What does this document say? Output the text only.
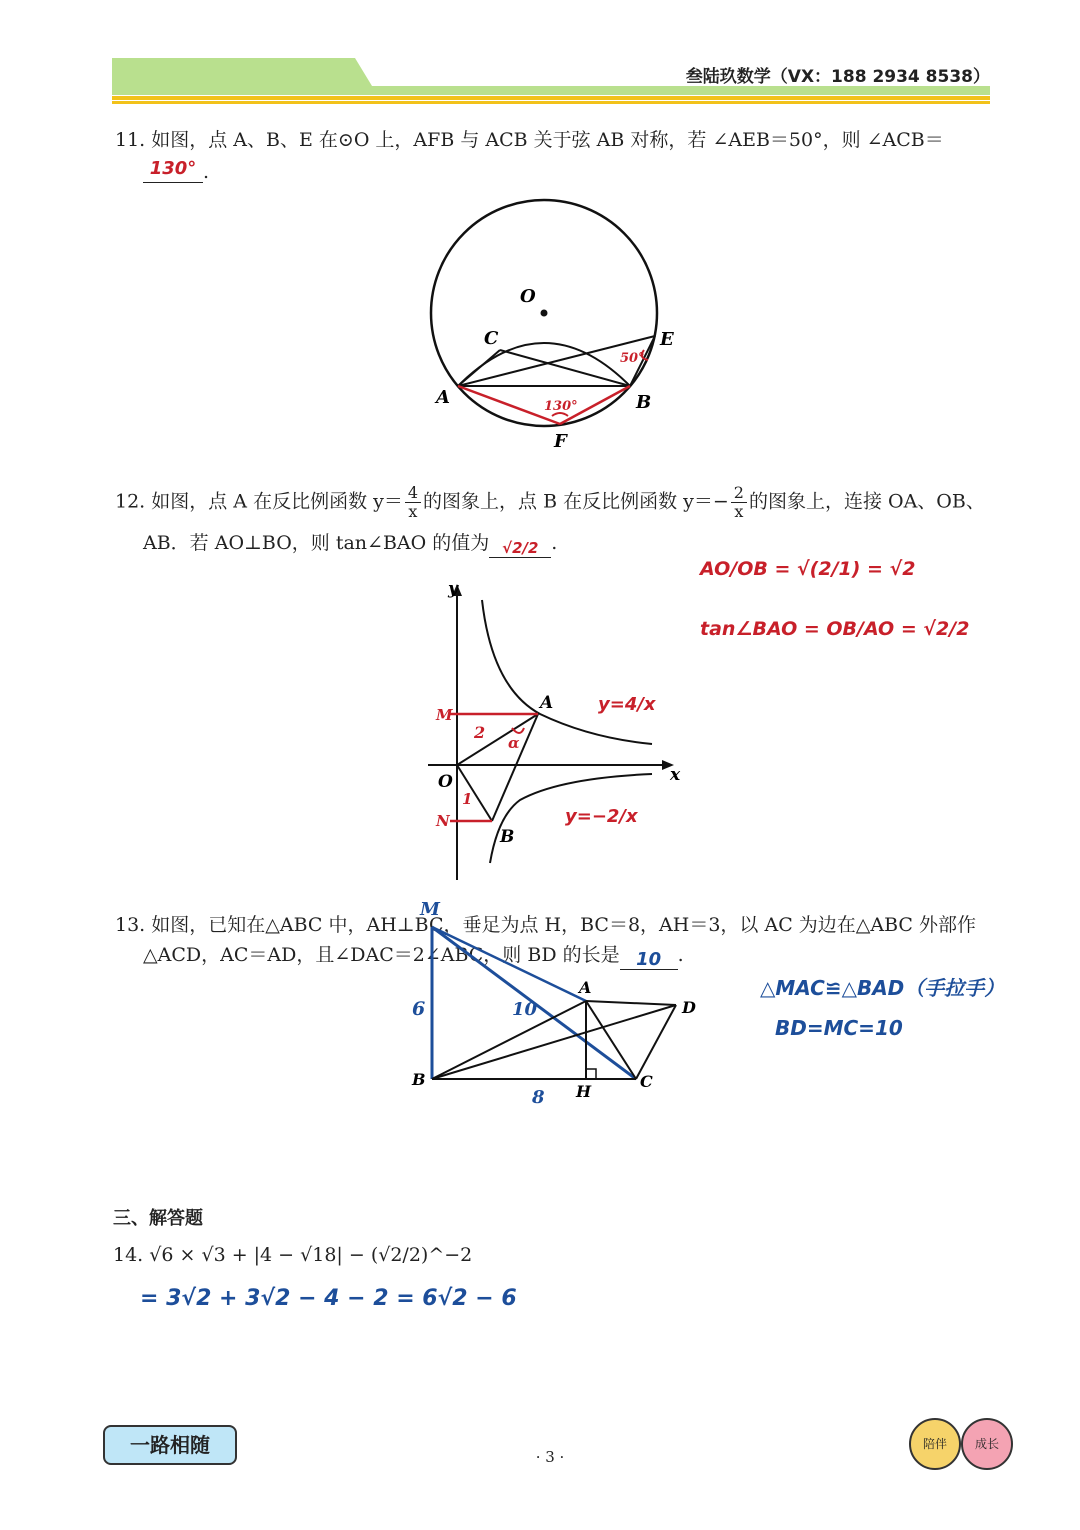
叁陆玖数学（VX：188 2934 8538）
11. 如图，点 A、B、E 在⊙O 上，AFB 与 ACB 关于弦 AB 对称，若 ∠AEB＝50°，则 ∠ACB＝
130° .
O
C	E
A	B
F
50°
130°
12. 如图，点 A 在反比例函数 $y= \frac{4}{x}$ 的图象上，点 B 在反比例函数 $y=- \frac{2}{x}$ 的图象上，连接 OA、OB、
AB．若 AO⊥BO，则 tan∠BAO 的值为 √2/2 .
AO/OB = √(2/1) = √2
tan∠BAO = OB/AO = √2/2
y
x
O
A
B
M
N
2
1
α
y=4/x
y=−2/x
13. 如图，已知在△ABC 中，AH⊥BC，垂足为点 H，BC＝8，AH＝3，以 AC 为边在△ABC 外部作
△ACD，AC＝AD，且∠DAC＝2∠ABC，则 BD 的长是 10 .
△MAC≌△BAD（手拉手）
BD=MC=10
M
A
D
B	C
H
6	10
8
三、解答题
14. √6 × √3 + |4 − √18| − (√2/2)^−2
= 3√2 + 3√2 − 4 − 2 = 6√2 − 6
一路相随	· 3 ·
陪伴	成长
